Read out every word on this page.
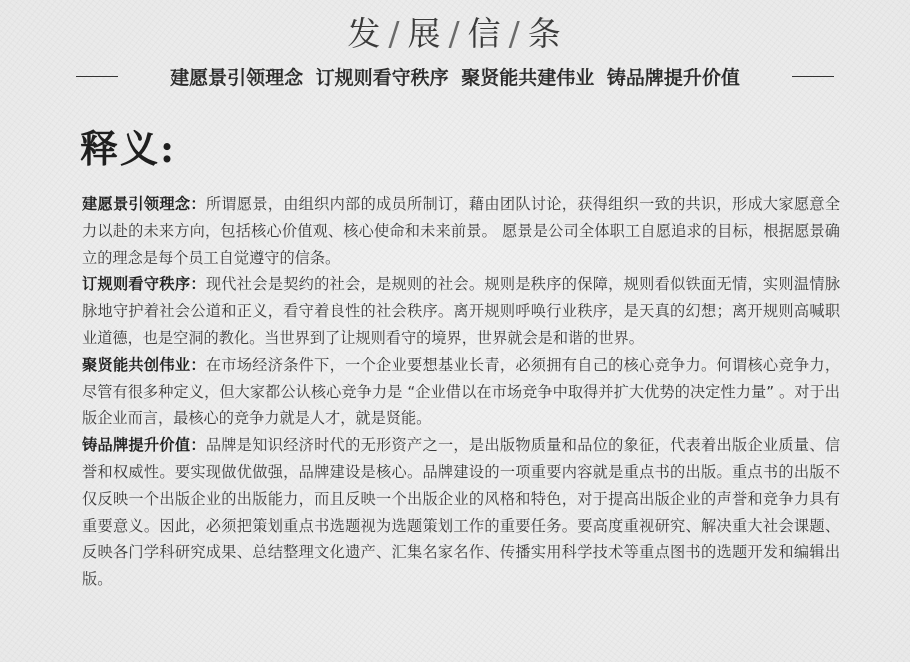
发 / 展 / 信 / 条
建愿景引领理念 订规则看守秩序 聚贤能共建伟业 铸品牌提升价值
释义:

建愿景引领理念：所谓愿景，由组织内部的成员所制订，藉由团队讨论，获得组织一致的共识，形成大家愿意全力以赴的未来方向，包括核心价值观、核心使命和未来前景。 愿景是公司全体职工自愿追求的目标，根据愿景确立的理念是每个员工自觉遵守的信条。

订规则看守秩序：现代社会是契约的社会，是规则的社会。规则是秩序的保障，规则看似铁面无情，实则温情脉脉地守护着社会公道和正义，看守着良性的社会秩序。离开规则呼唤行业秩序，是天真的幻想；离开规则高喊职业道德，也是空洞的教化。当世界到了让规则看守的境界，世界就会是和谐的世界。

聚贤能共创伟业：在市场经济条件下，一个企业要想基业长青，必须拥有自己的核心竞争力。何谓核心竞争力，尽管有很多种定义，但大家都公认核心竞争力是 “企业借以在市场竞争中取得并扩大优势的决定性力量” 。对于出版企业而言，最核心的竞争力就是人才，就是贤能。

铸品牌提升价值：品牌是知识经济时代的无形资产之一，是出版物质量和品位的象征，代表着出版企业质量、信誉和权威性。要实现做优做强，品牌建设是核心。品牌建设的一项重要内容就是重点书的出版。重点书的出版不仅反映一个出版企业的出版能力，而且反映一个出版企业的风格和特色，对于提高出版企业的声誉和竞争力具有重要意义。因此，必须把策划重点书选题视为选题策划工作的重要任务。要高度重视研究、解决重大社会课题、反映各门学科研究成果、总结整理文化遗产、汇集名家名作、传播实用科学技术等重点图书的选题开发和编辑出版。
